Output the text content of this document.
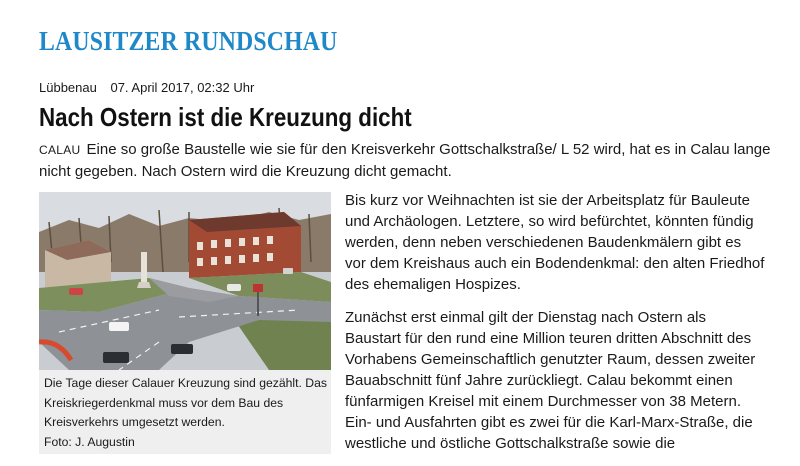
LAUSITZER RUNDSCHAU
Lübbenau 07. April 2017, 02:32 Uhr
Nach Ostern ist die Kreuzung dicht
CALAU Eine so große Baustelle wie sie für den Kreisverkehr Gottschalkstraße/ L 52 wird, hat es in Calau lange nicht gegeben. Nach Ostern wird die Kreuzung dicht gemacht.
Die Tage dieser Calauer Kreuzung sind gezählt. Das Kreiskriegerdenkmal muss vor dem Bau des Kreisverkehrs umgesetzt werden.
Foto: J. Augustin

Bis kurz vor Weihnachten ist sie der Arbeitsplatz für Bauleute und Archäologen. Letztere, so wird befürchtet, könnten fündig werden, denn neben verschiedenen Baudenkmälern gibt es vor dem Kreishaus auch ein Bodendenkmal: den alten Friedhof des ehemaligen Hospizes.

Zunächst erst einmal gilt der Dienstag nach Ostern als Baustart für den rund eine Million teuren dritten Abschnitt des Vorhabens Gemeinschaftlich genutzter Raum, dessen zweiter Bauabschnitt fünf Jahre zurückliegt. Calau bekommt einen fünfarmigen Kreisel mit einem Durchmesser von 38 Metern. Ein- und Ausfahrten gibt es zwei für die Karl-Marx-Straße, die westliche und östliche Gottschalkstraße sowie die
